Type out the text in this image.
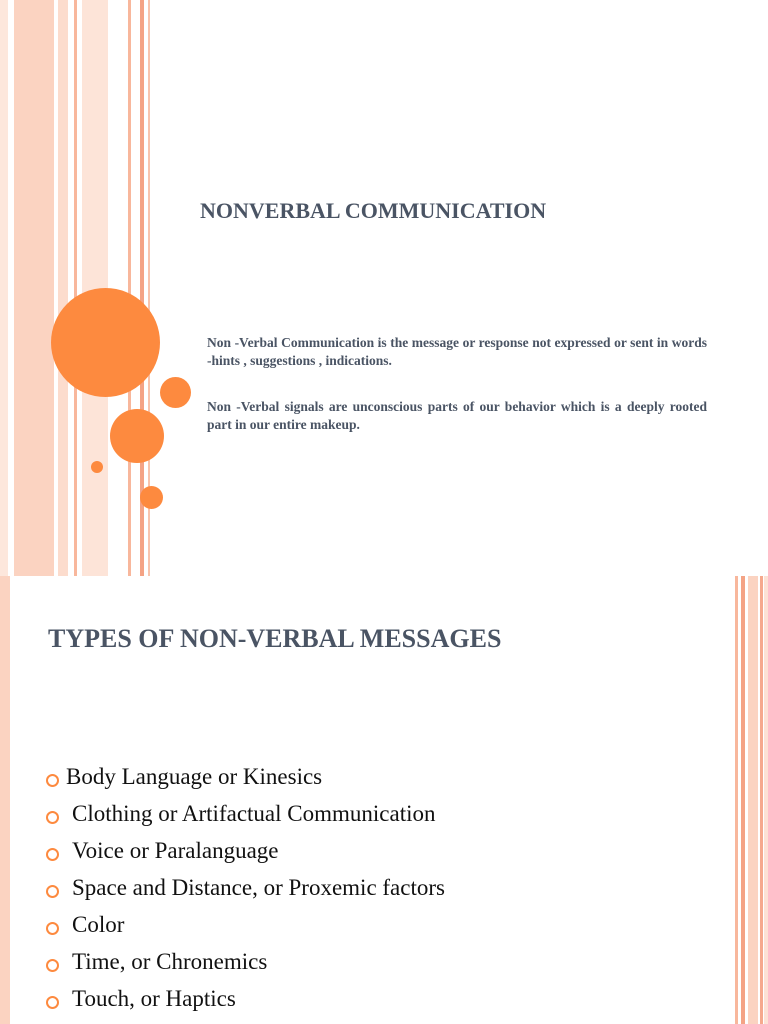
NONVERBAL COMMUNICATION
Non -Verbal Communication is the message or response not expressed or sent in words -hints , suggestions , indications.
Non -Verbal signals are unconscious parts of our behavior which is a deeply rooted part in our entire makeup.
TYPES OF NON-VERBAL MESSAGES
Body Language or Kinesics
Clothing or Artifactual Communication
Voice or Paralanguage
Space and Distance, or Proxemic factors
Color
Time, or Chronemics
Touch, or Haptics
